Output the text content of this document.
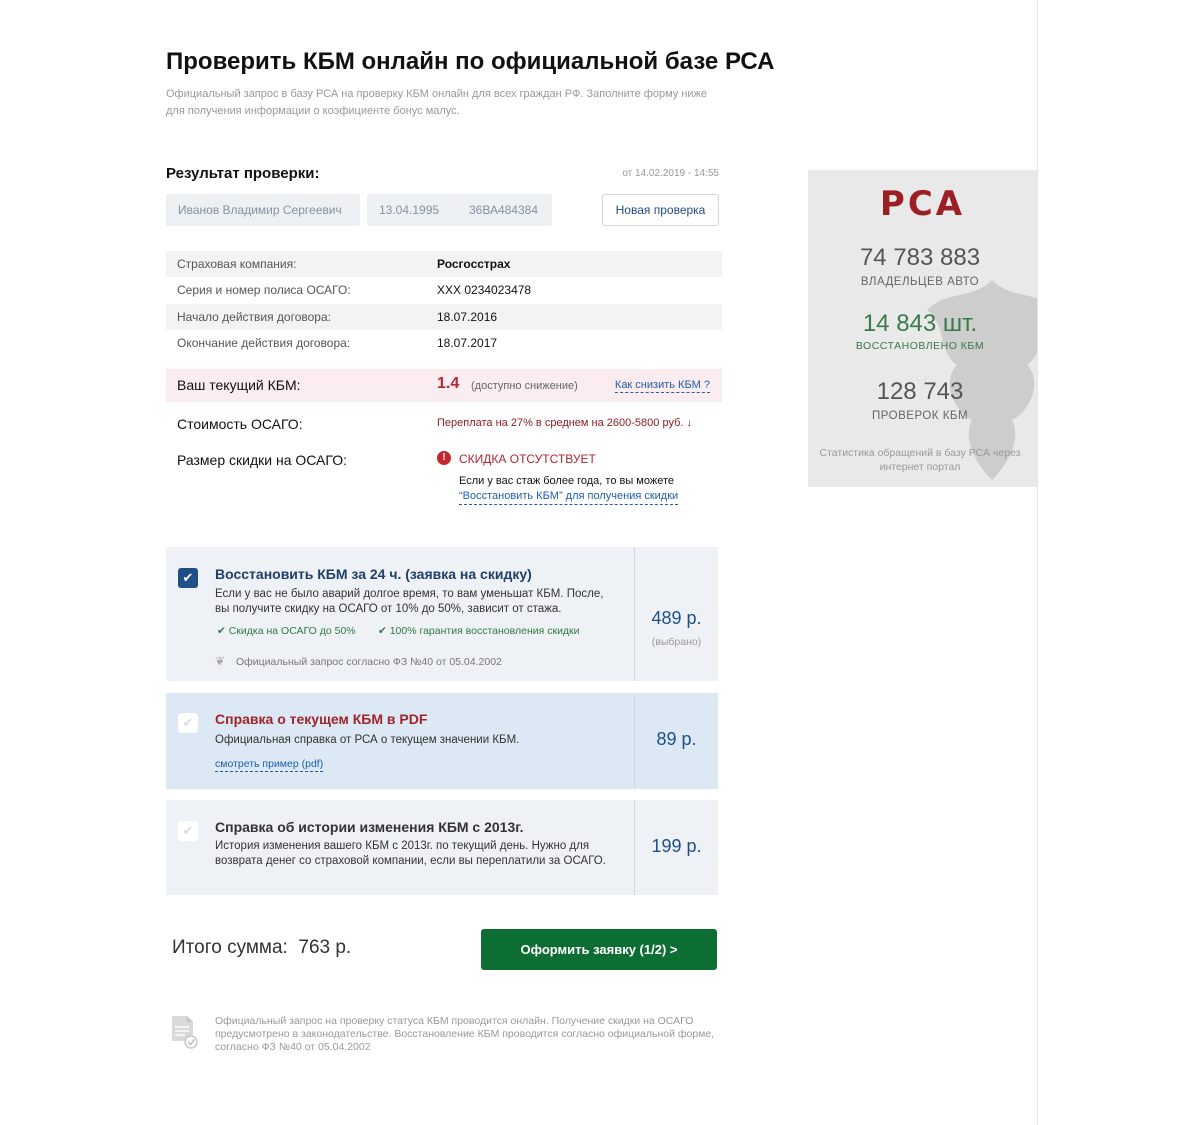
Проверить КБМ онлайн по официальной базе РСА

Официальный запрос в базу РСА на проверку КБМ онлайн для всех граждан РФ. Заполните форму ниже для получения информации о коэфициенте бонус малус.

Результат проверки:	от 14.02.2019 - 14:55
Иванов Владимир Сергеевич	13.04.1995	36ВА484384	Новая проверка
Страховая компания:	Росгосстрах
Серия и номер полиса ОСАГО:	ХХХ 0234023478
Начало действия договора:	18.07.2016
Окончание действия договора:	18.07.2017
Ваш текущий КБМ:	1.4 (доступно снижение)	Как снизить КБМ ?
Стоимость ОСАГО:	Переплата на 27% в среднем на 2600-5800 руб. ↓
Размер скидки на ОСАГО:	!	СКИДКА ОТСУТСТВУЕТ
Если у вас стаж более года, то вы можете
“Восстановить КБМ” для получения скидки
✔	Восстановить КБМ за 24 ч. (заявка на скидку)
Если у вас не было аварий долгое время, то вам уменьшат КБМ. После, вы получите скидку на ОСАГО от 10% до 50%, зависит от стажа.
✔ Скидка на ОСАГО до 50% ✔ 100% гарантия восстановления скидки
❦ Официальный запрос согласно ФЗ №40 от 05.04.2002
489 р.
(выбрано)
✔	Справка о текущем КБМ в PDF
Официальная справка от РСА о текущем значении КБМ.
смотреть пример (pdf)
89 р.
✔	Справка об истории изменения КБМ с 2013г.
История изменения вашего КБМ с 2013г. по текущий день. Нужно для возврата денег со страховой компании, если вы переплатили за ОСАГО.
199 р.
Итого сумма: 763 р.	Оформить заявку (1/2) >
Официальный запрос на проверку статуса КБМ проводится онлайн. Получение скидки на ОСАГО предусмотрено в законодательстве. Восстановление КБМ проводится согласно официальной форме, согласно ФЗ №40 от 05.04.2002
РСА
74 783 883
ВЛАДЕЛЬЦЕВ АВТО
14 843 шт.
ВОССТАНОВЛЕНО КБМ
128 743
ПРОВЕРОК КБМ
Статистика обращений в базу РСА через интернет портал
